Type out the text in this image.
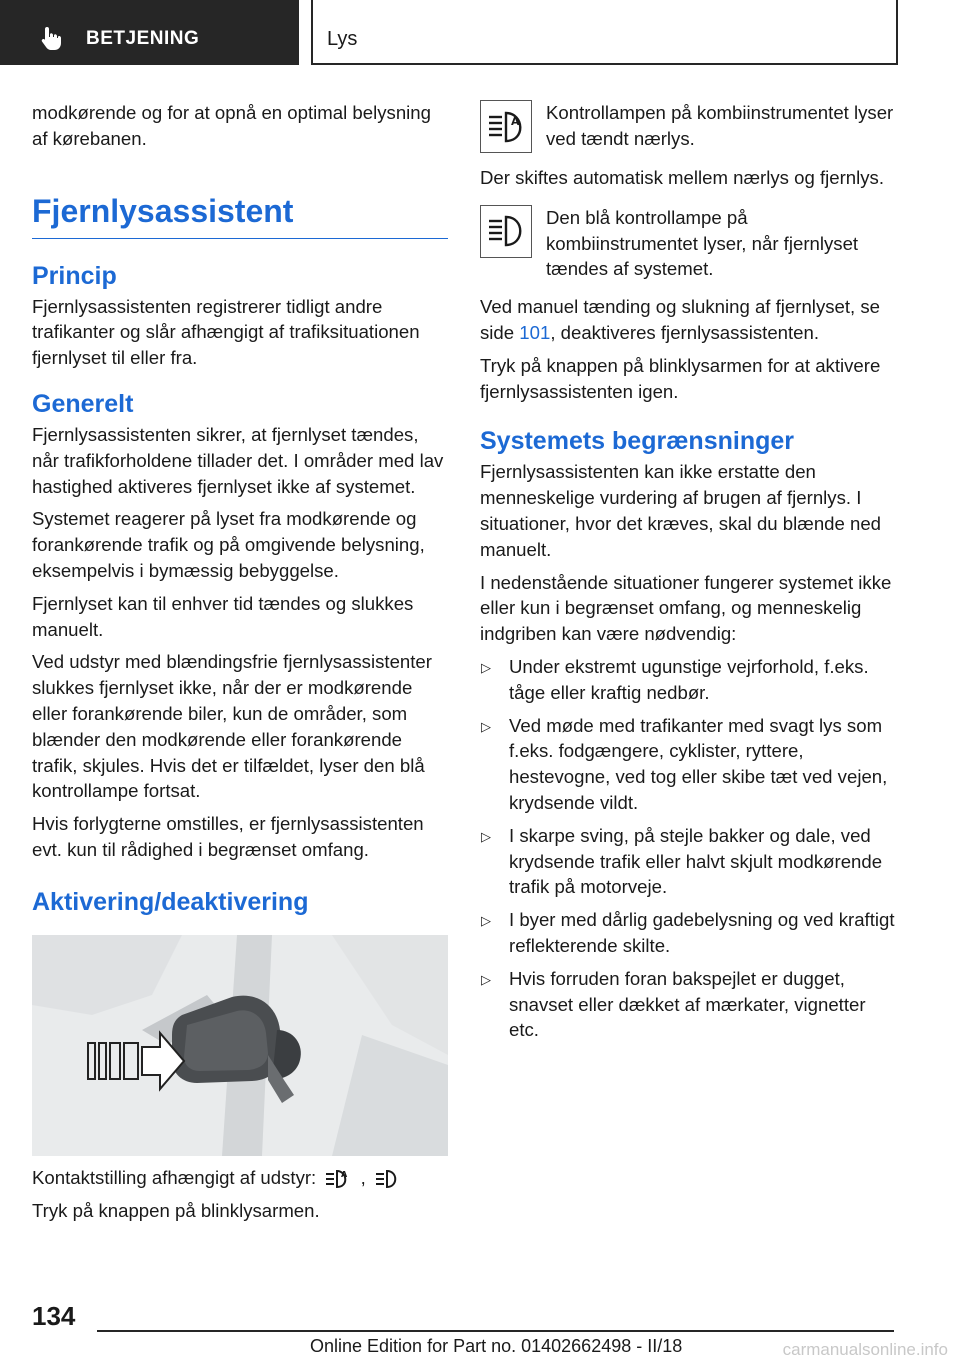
BETJENING	Lys

modkørende og for at opnå en optimal belysning af kørebanen.

Fjernlysassistent
Princip

Fjernlysassistenten registrerer tidligt andre trafikanter og slår afhængigt af trafiksituationen fjernlyset til eller fra.

Generelt

Fjernlysassistenten sikrer, at fjernlyset tændes, når trafikforholdene tillader det. I områder med lav hastighed aktiveres fjernlyset ikke af systemet.

Systemet reagerer på lyset fra modkørende og forankørende trafik og på omgivende belysning, eksempelvis i bymæssig bebyggelse.

Fjernlyset kan til enhver tid tændes og slukkes manuelt.

Ved udstyr med blændingsfrie fjernlysassistenter slukkes fjernlyset ikke, når der er modkørende eller forankørende biler, kun de områder, som blænder den modkørende eller forankørende trafik, skjules. Hvis det er tilfældet, lyser den blå kontrollampe fortsat.

Hvis forlygterne omstilles, er fjernlysassistenten evt. kun til rådighed i begrænset omfang.

Aktivering/deaktivering

Kontaktstilling afhængigt af udstyr:	A ,

Tryk på knappen på blinklysarmen.

A Kontrollampen på kombiinstrumentet lyser ved tændt nærlys.

Der skiftes automatisk mellem nærlys og fjernlys.

Den blå kontrollampe på kombiinstrumentet lyser, når fjernlyset tændes af systemet.

Ved manuel tænding og slukning af fjernlyset, se side 101, deaktiveres fjernlysassistenten.

Tryk på knappen på blinklysarmen for at aktivere fjernlysassistenten igen.

Systemets begrænsninger

Fjernlysassistenten kan ikke erstatte den menneskelige vurdering af brugen af fjernlys. I situationer, hvor det kræves, skal du blænde ned manuelt.

I nedenstående situationer fungerer systemet ikke eller kun i begrænset omfang, og menneskelig indgriben kan være nødvendig:

▷ Under ekstremt ugunstige vejrforhold, f.eks. tåge eller kraftig nedbør.
▷ Ved møde med trafikanter med svagt lys som f.eks. fodgængere, cyklister, ryttere, hestevogne, ved tog eller skibe tæt ved vejen, krydsende vildt.
▷ I skarpe sving, på stejle bakker og dale, ved krydsende trafik eller halvt skjult modkørende trafik på motorveje.
▷ I byer med dårlig gadebelysning og ved kraftigt reflekterende skilte.
▷ Hvis forruden foran bakspejlet er dugget, snavset eller dækket af mærkater, vignetter etc.
134
Online Edition for Part no. 01402662498 - II/18	carmanualsonline.info
